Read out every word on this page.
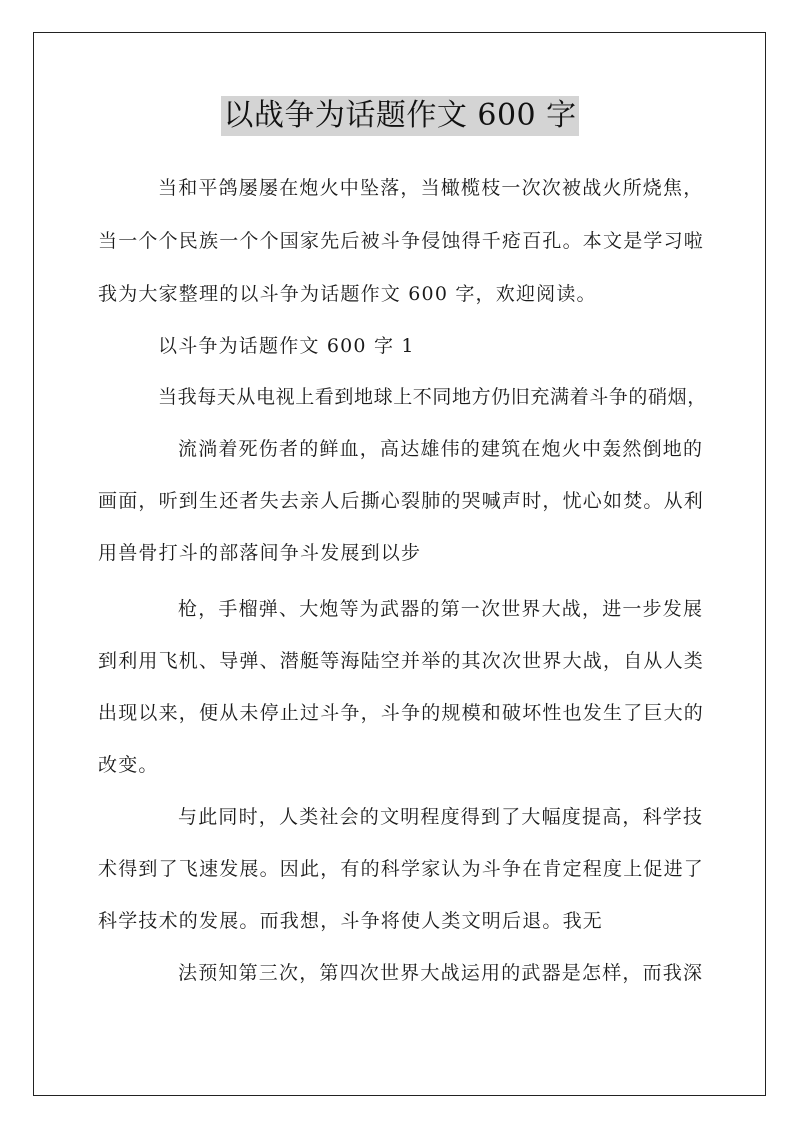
以战争为话题作文 600 字
当和平鸽屡屡在炮火中坠落，当橄榄枝一次次被战火所烧焦，
当一个个民族一个个国家先后被斗争侵蚀得千疮百孔。本文是学习啦
我为大家整理的以斗争为话题作文 600 字，欢迎阅读。
以斗争为话题作文 600 字 1
当我每天从电视上看到地球上不同地方仍旧充满着斗争的硝烟，
流淌着死伤者的鲜血，高达雄伟的建筑在炮火中轰然倒地的
画面，听到生还者失去亲人后撕心裂肺的哭喊声时，忧心如焚。从利
用兽骨打斗的部落间争斗发展到以步
枪，手榴弹、大炮等为武器的第一次世界大战，进一步发展
到利用飞机、导弹、潜艇等海陆空并举的其次次世界大战，自从人类
出现以来，便从未停止过斗争，斗争的规模和破坏性也发生了巨大的
改变。
与此同时，人类社会的文明程度得到了大幅度提高，科学技
术得到了飞速发展。因此，有的科学家认为斗争在肯定程度上促进了
科学技术的发展。而我想，斗争将使人类文明后退。我无
法预知第三次，第四次世界大战运用的武器是怎样，而我深
